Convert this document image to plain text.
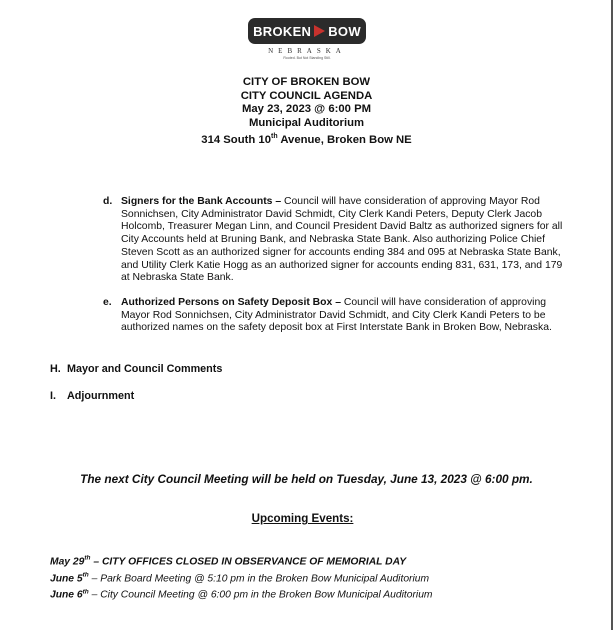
BROKEN BOW
NEBRASKA
Rooted. But Not Standing Still.
CITY OF BROKEN BOW
CITY COUNCIL AGENDA
May 23, 2023 @ 6:00 PM
Municipal Auditorium
314 South 10th Avenue, Broken Bow NE
d. Signers for the Bank Accounts – Council will have consideration of approving Mayor Rod Sonnichsen, City Administrator David Schmidt, City Clerk Kandi Peters, Deputy Clerk Jacob Holcomb, Treasurer Megan Linn, and Council President David Baltz as authorized signers for all City Accounts held at Bruning Bank, and Nebraska State Bank. Also authorizing Police Chief Steven Scott as an authorized signer for accounts ending 384 and 095 at Nebraska State Bank, and Utility Clerk Katie Hogg as an authorized signer for accounts ending 831, 631, 173, and 179 at Nebraska State Bank.
e. Authorized Persons on Safety Deposit Box – Council will have consideration of approving Mayor Rod Sonnichsen, City Administrator David Schmidt, and City Clerk Kandi Peters to be authorized names on the safety deposit box at First Interstate Bank in Broken Bow, Nebraska.
H. Mayor and Council Comments
I. Adjournment
The next City Council Meeting will be held on Tuesday, June 13, 2023 @ 6:00 pm.
Upcoming Events:
May 29th – CITY OFFICES CLOSED IN OBSERVANCE OF MEMORIAL DAY
June 5th – Park Board Meeting @ 5:10 pm in the Broken Bow Municipal Auditorium
June 6th – City Council Meeting @ 6:00 pm in the Broken Bow Municipal Auditorium
